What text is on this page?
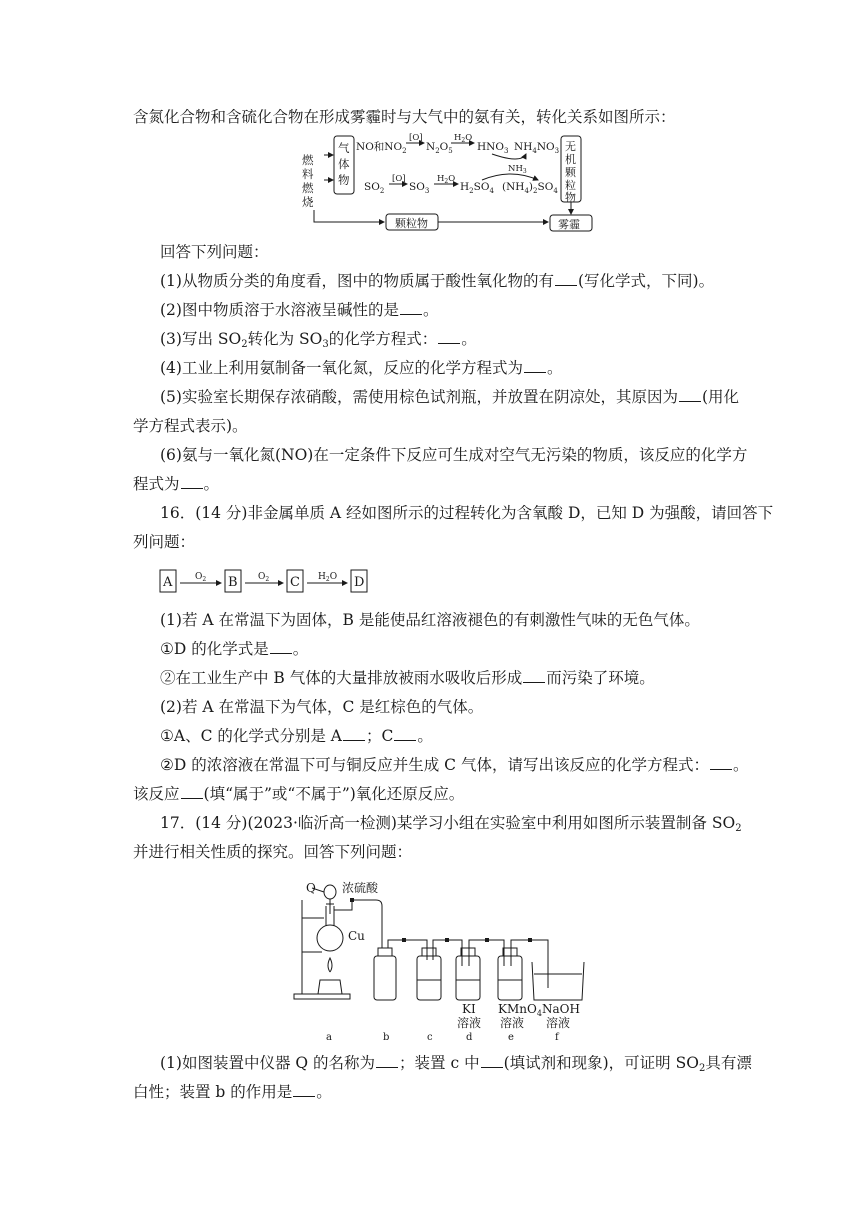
含氮化合物和含硫化合物在形成雾霾时与大气中的氨有关，转化关系如图所示：
燃
料
燃
烧
气
体
物
NO和$NO_2$
[O]
$N_2O_5$
$H_2O$
$HNO_3$ $NH_4NO_3$
$NH_3$
$SO_2$
[O]
$SO_3$
$H_2O$
$H_2SO_4$ $(NH_4)_2SO_4$
无
机
颗
粒
物
颗粒物	雾霾
回答下列问题：
(1)从物质分类的角度看，图中的物质属于酸性氧化物的有 (写化学式，下同)。
(2)图中物质溶于水溶液呈碱性的是 。
(3)写出 $SO_2$转化为 $SO_3$的化学方程式： 。
(4)工业上利用氨制备一氧化氮，反应的化学方程式为 。
(5)实验室长期保存浓硝酸，需使用棕色试剂瓶，并放置在阴凉处，其原因为 (用化
学方程式表示)。
(6)氨与一氧化氮(NO)在一定条件下反应可生成对空气无污染的物质，该反应的化学方
程式为 。
16．(14 分)非金属单质 A 经如图所示的过程转化为含氧酸 D，已知 D 为强酸，请回答下
列问题：
A	B	C	D
$O_2$	$O_2$	$H_2O$
(1)若 A 在常温下为固体，B 是能使品红溶液褪色的有刺激性气味的无色气体。
①D 的化学式是 。
②在工业生产中 B 气体的大量排放被雨水吸收后形成 而污染了环境。
(2)若 A 在常温下为气体，C 是红棕色的气体。
①A、C 的化学式分别是 A ；C 。
②D 的浓溶液在常温下可与铜反应并生成 C 气体，请写出该反应的化学方程式： 。
该反应 (填“属于”或“不属于”)氧化还原反应。
17．(14 分)(2023·临沂高一检测)某学习小组在实验室中利用如图所示装置制备 $SO_2$
并进行相关性质的探究。回答下列问题：
Q 浓硫酸
Cu
KI
溶液
KMnO$_4$
溶液
NaOH
溶液
a	b	c	d	e	f
(1)如图装置中仪器 Q 的名称为 ；装置 c 中 (填试剂和现象)，可证明 $SO_2$具有漂
白性；装置 b 的作用是 。
